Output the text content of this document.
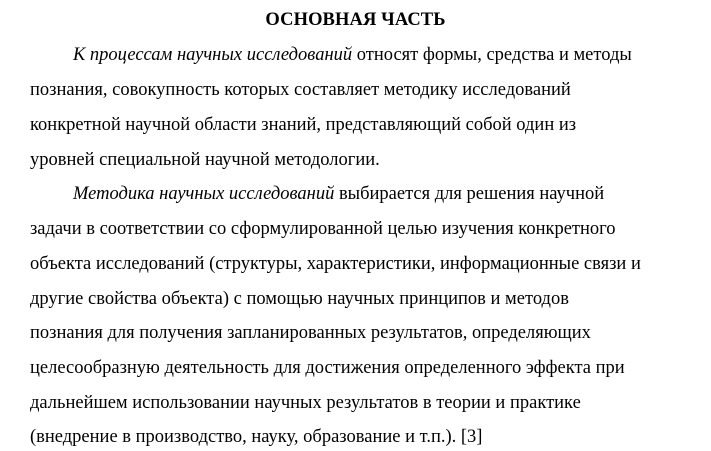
ОСНОВНАЯ ЧАСТЬ
К процессам научных исследований относят формы, средства и методы
познания, совокупность которых составляет методику исследований
конкретной научной области знаний, представляющий собой один из
уровней специальной научной методологии.
Методика научных исследований выбирается для решения научной
задачи в соответствии со сформулированной целью изучения конкретного
объекта исследований (структуры, характеристики, информационные связи и
другие свойства объекта) с помощью научных принципов и методов
познания для получения запланированных результатов, определяющих
целесообразную деятельность для достижения определенного эффекта при
дальнейшем использовании научных результатов в теории и практике
(внедрение в производство, науку, образование и т.п.). [3]
